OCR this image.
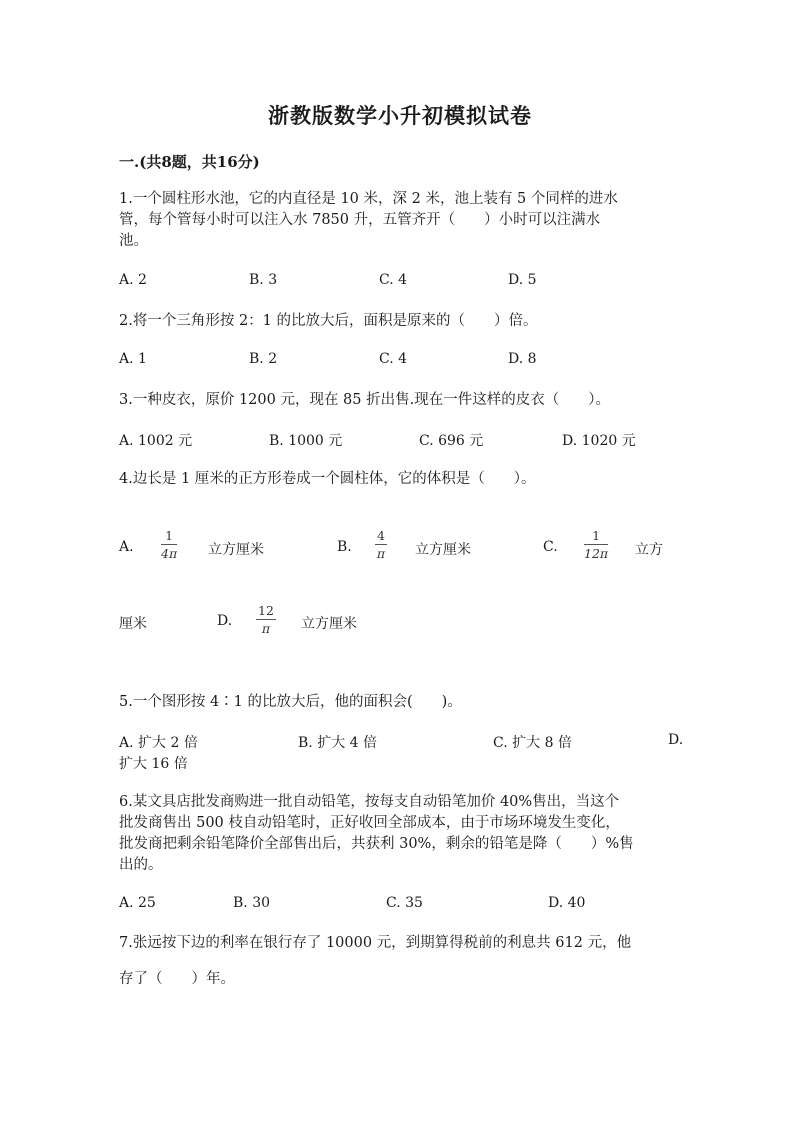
浙教版数学小升初模拟试卷
一.(共8题，共16分)
1.一个圆柱形水池，它的内直径是 10 米，深 2 米，池上装有 5 个同样的进水
管，每个管每小时可以注入水 7850 升，五管齐开（　　）小时可以注满水
池。
A. 2	B. 3	C. 4	D. 5
2.将一个三角形按 2：1 的比放大后，面积是原来的（　　）倍。
A. 1	B. 2	C. 4	D. 8
3.一种皮衣，原价 1200 元，现在 85 折出售.现在一件这样的皮衣（　　）。
A. 1002 元	B. 1000 元	C. 696 元	D. 1020 元
4.边长是 1 厘米的正方形卷成一个圆柱体，它的体积是（　　）。
A.
1
4π 立方厘米	B.
4
π 立方厘米	C.
1
12π 立方
厘米	D.
12
π 立方厘米
5.一个图形按 4∶1 的比放大后，他的面积会(　　)。
A. 扩大 2 倍	B. 扩大 4 倍	C. 扩大 8 倍	D.
扩大 16 倍
6.某文具店批发商购进一批自动铅笔，按每支自动铅笔加价 40%售出，当这个
批发商售出 500 枝自动铅笔时，正好收回全部成本，由于市场环境发生变化，
批发商把剩余铅笔降价全部售出后，共获利 30%，剩余的铅笔是降（　　）%售
出的。
A. 25	B. 30	C. 35	D. 40
7.张远按下边的利率在银行存了 10000 元，到期算得税前的利息共 612 元，他
存了（　　）年。
